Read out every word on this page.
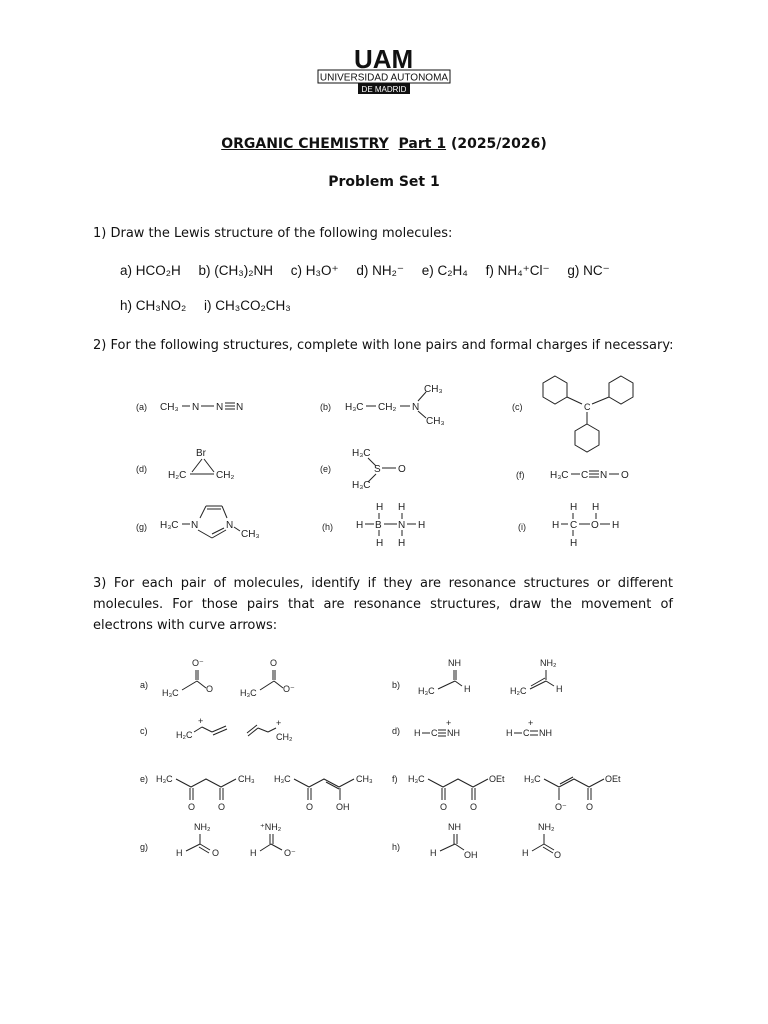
UAM
UNIVERSIDAD AUTONOMA
DE MADRID
ORGANIC CHEMISTRY Part 1 (2025/2026)
Problem Set 1
1) Draw the Lewis structure of the following molecules:
a) HCO₂H b) (CH₃)₂NH c) H₃O⁺ d) NH₂⁻ e) C₂H₄ f) NH₄⁺Cl⁻ g) NC⁻
h) CH₃NO₂ i) CH₃CO₂CH₃
2) For the following structures, complete with lone pairs and formal charges if necessary:
(a) CH₃ N N N	(b) H₃C CH₂ N
CH₃
CH₃
(c)	C
(d)
Br
H₂C	CH₂
(e)
H₃C
S O
H₃C
(f)	H₃C C N O
(g) H₃C N	N
CH₃
(h)
H H
H B N H
H H
(i)
H H
H C O H
H
3) For each pair of molecules, identify if they are resonance structures or different molecules. For those pairs that are resonance structures, draw the movement of electrons with curve arrows:
a)
O⁻
H₃C	O
O
H₃C	O⁻	b)
NH
H₃C	H
NH₂
H₂C	H
c)	H₂C
+	+
CH₂
d) H C NH
+
H C NH
+
e) H₃C	CH₃
O	O
H₃C	CH₃
O	OH
f) H₃C	OEt
O	O
H₃C	OEt
O⁻ O
g)
NH₂
H	O
⁺NH₂
H	O⁻
h)
NH
H	OH
NH₂
H	O
